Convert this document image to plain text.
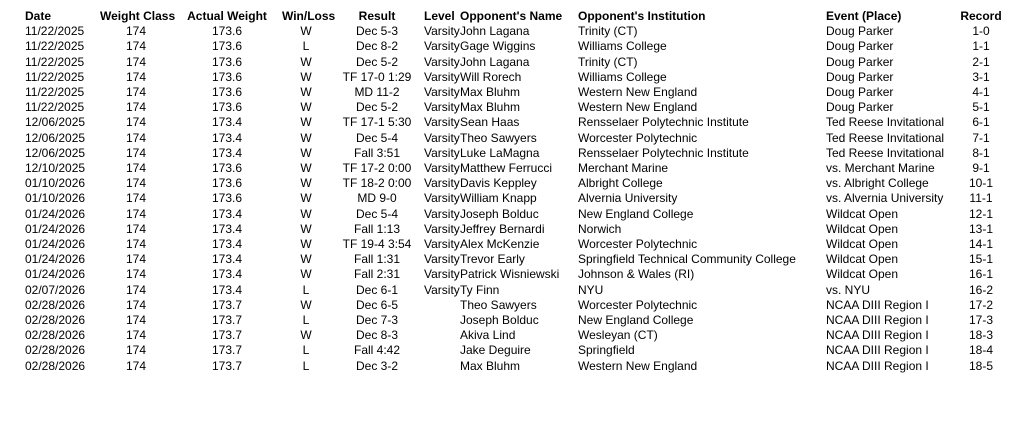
Date	Weight Class	Actual Weight	Win/Loss	Result	Level	Opponent's Name	Opponent's Institution	Event (Place)	Record
11/22/2025	174	173.6	W	Dec 5-3	Varsity	John Lagana	Trinity (CT)	Doug Parker	1-0
11/22/2025	174	173.6	L	Dec 8-2	Varsity	Gage Wiggins	Williams College	Doug Parker	1-1
11/22/2025	174	173.6	W	Dec 5-2	Varsity	John Lagana	Trinity (CT)	Doug Parker	2-1
11/22/2025	174	173.6	W	TF 17-0 1:29	Varsity	Will Rorech	Williams College	Doug Parker	3-1
11/22/2025	174	173.6	W	MD 11-2	Varsity	Max Bluhm	Western New England	Doug Parker	4-1
11/22/2025	174	173.6	W	Dec 5-2	Varsity	Max Bluhm	Western New England	Doug Parker	5-1
12/06/2025	174	173.4	W	TF 17-1 5:30	Varsity	Sean Haas	Rensselaer Polytechnic Institute	Ted Reese Invitational	6-1
12/06/2025	174	173.4	W	Dec 5-4	Varsity	Theo Sawyers	Worcester Polytechnic	Ted Reese Invitational	7-1
12/06/2025	174	173.4	W	Fall 3:51	Varsity	Luke LaMagna	Rensselaer Polytechnic Institute	Ted Reese Invitational	8-1
12/10/2025	174	173.6	W	TF 17-2 0:00	Varsity	Matthew Ferrucci	Merchant Marine	vs. Merchant Marine	9-1
01/10/2026	174	173.6	W	TF 18-2 0:00	Varsity	Davis Keppley	Albright College	vs. Albright College	10-1
01/10/2026	174	173.6	W	MD 9-0	Varsity	William Knapp	Alvernia University	vs. Alvernia University	11-1
01/24/2026	174	173.4	W	Dec 5-4	Varsity	Joseph Bolduc	New England College	Wildcat Open	12-1
01/24/2026	174	173.4	W	Fall 1:13	Varsity	Jeffrey Bernardi	Norwich	Wildcat Open	13-1
01/24/2026	174	173.4	W	TF 19-4 3:54	Varsity	Alex McKenzie	Worcester Polytechnic	Wildcat Open	14-1
01/24/2026	174	173.4	W	Fall 1:31	Varsity	Trevor Early	Springfield Technical Community College	Wildcat Open	15-1
01/24/2026	174	173.4	W	Fall 2:31	Varsity	Patrick Wisniewski	Johnson & Wales (RI)	Wildcat Open	16-1
02/07/2026	174	173.4	L	Dec 6-1	Varsity	Ty Finn	NYU	vs. NYU	16-2
02/28/2026	174	173.7	W	Dec 6-5		Theo Sawyers	Worcester Polytechnic	NCAA DIII Region I	17-2
02/28/2026	174	173.7	L	Dec 7-3		Joseph Bolduc	New England College	NCAA DIII Region I	17-3
02/28/2026	174	173.7	W	Dec 8-3		Akiva Lind	Wesleyan (CT)	NCAA DIII Region I	18-3
02/28/2026	174	173.7	L	Fall 4:42		Jake Deguire	Springfield	NCAA DIII Region I	18-4
02/28/2026	174	173.7	L	Dec 3-2		Max Bluhm	Western New England	NCAA DIII Region I	18-5
